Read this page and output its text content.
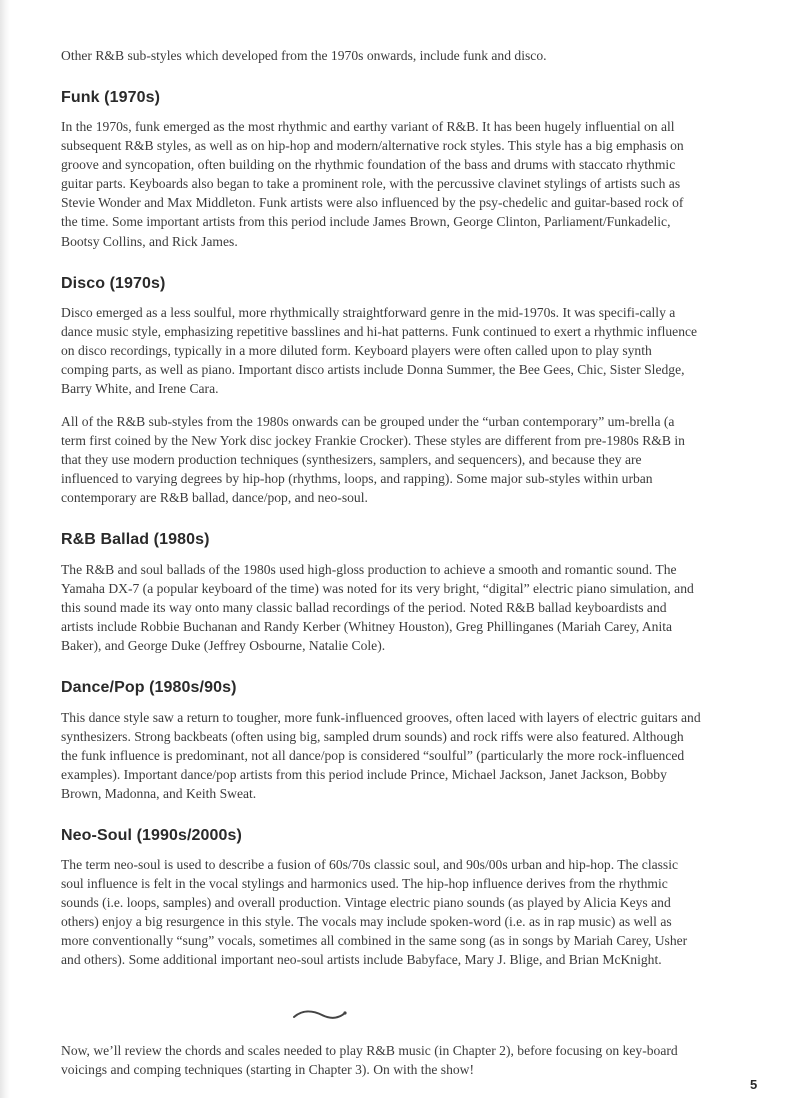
Other R&B sub-styles which developed from the 1970s onwards, include funk and disco.

Funk (1970s)

In the 1970s, funk emerged as the most rhythmic and earthy variant of R&B. It has been hugely influential on all subsequent R&B styles, as well as on hip-hop and modern/alternative rock styles. This style has a big emphasis on groove and syncopation, often building on the rhythmic foundation of the bass and drums with staccato rhythmic guitar parts. Keyboards also began to take a prominent role, with the percussive clavinet stylings of artists such as Stevie Wonder and Max Middleton. Funk artists were also influenced by the psy-chedelic and guitar-based rock of the time. Some important artists from this period include James Brown, George Clinton, Parliament/Funkadelic, Bootsy Collins, and Rick James.

Disco (1970s)

Disco emerged as a less soulful, more rhythmically straightforward genre in the mid-1970s. It was specifi-cally a dance music style, emphasizing repetitive basslines and hi-hat patterns. Funk continued to exert a rhythmic influence on disco recordings, typically in a more diluted form. Keyboard players were often called upon to play synth comping parts, as well as piano. Important disco artists include Donna Summer, the Bee Gees, Chic, Sister Sledge, Barry White, and Irene Cara.

All of the R&B sub-styles from the 1980s onwards can be grouped under the “urban contemporary” um-brella (a term first coined by the New York disc jockey Frankie Crocker). These styles are different from pre-1980s R&B in that they use modern production techniques (synthesizers, samplers, and sequencers), and because they are influenced to varying degrees by hip-hop (rhythms, loops, and rapping). Some major sub-styles within urban contemporary are R&B ballad, dance/pop, and neo-soul.

R&B Ballad (1980s)

The R&B and soul ballads of the 1980s used high-gloss production to achieve a smooth and romantic sound. The Yamaha DX-7 (a popular keyboard of the time) was noted for its very bright, “digital” electric piano simulation, and this sound made its way onto many classic ballad recordings of the period. Noted R&B ballad keyboardists and artists include Robbie Buchanan and Randy Kerber (Whitney Houston), Greg Phillinganes (Mariah Carey, Anita Baker), and George Duke (Jeffrey Osbourne, Natalie Cole).

Dance/Pop (1980s/90s)

This dance style saw a return to tougher, more funk-influenced grooves, often laced with layers of electric guitars and synthesizers. Strong backbeats (often using big, sampled drum sounds) and rock riffs were also featured. Although the funk influence is predominant, not all dance/pop is considered “soulful” (particularly the more rock-influenced examples). Important dance/pop artists from this period include Prince, Michael Jackson, Janet Jackson, Bobby Brown, Madonna, and Keith Sweat.

Neo-Soul (1990s/2000s)

The term neo-soul is used to describe a fusion of 60s/70s classic soul, and 90s/00s urban and hip-hop. The classic soul influence is felt in the vocal stylings and harmonics used. The hip-hop influence derives from the rhythmic sounds (i.e. loops, samples) and overall production. Vintage electric piano sounds (as played by Alicia Keys and others) enjoy a big resurgence in this style. The vocals may include spoken-word (i.e. as in rap music) as well as more conventionally “sung” vocals, sometimes all combined in the same song (as in songs by Mariah Carey, Usher and others). Some additional important neo-soul artists include Babyface, Mary J. Blige, and Brian McKnight.

Now, we’ll review the chords and scales needed to play R&B music (in Chapter 2), before focusing on key-board voicings and comping techniques (starting in Chapter 3). On with the show!

5
